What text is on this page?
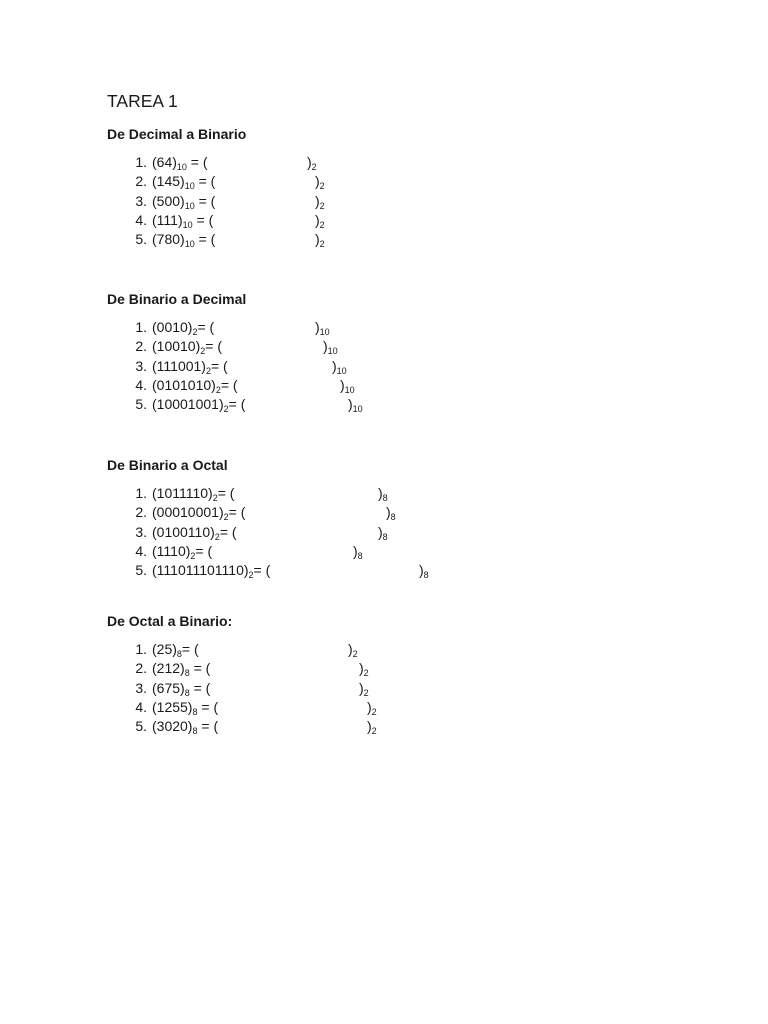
TAREA 1
De Decimal a Binario
1. $(64)_{10}$ = (	)$_2$
2. $(145)_{10}$ = (	)$_2$
3. $(500)_{10}$ = (	)$_2$
4. $(111)_{10}$ = (	)$_2$
5. $(780)_{10}$ = (	)$_2$
De Binario a Decimal
1. $(0010)_2=$ (	)$_{10}$
2. $(10010)_2=$ (	)$_{10}$
3. $(111001)_2=$ (	)$_{10}$
4. $(0101010)_2=$ (	)$_{10}$
5. $(10001001)_2=$ (	)$_{10}$
De Binario a Octal
1. $(1011110)_2=$ (	)$_8$
2. $(00010001)_2=$ (	)$_8$
3. $(0100110)_2=$ (	)$_8$
4. $(1110)_2=$ (	)$_8$
5. $(111011101110)_2=$ (	)$_8$
De Octal a Binario:
1. $(25)_8=$ (	)$_2$
2. $(212)_8$ = (	)$_2$
3. $(675)_8$ = (	)$_2$
4. $(1255)_8$ = (	)$_2$
5. $(3020)_8$ = (	)$_2$
